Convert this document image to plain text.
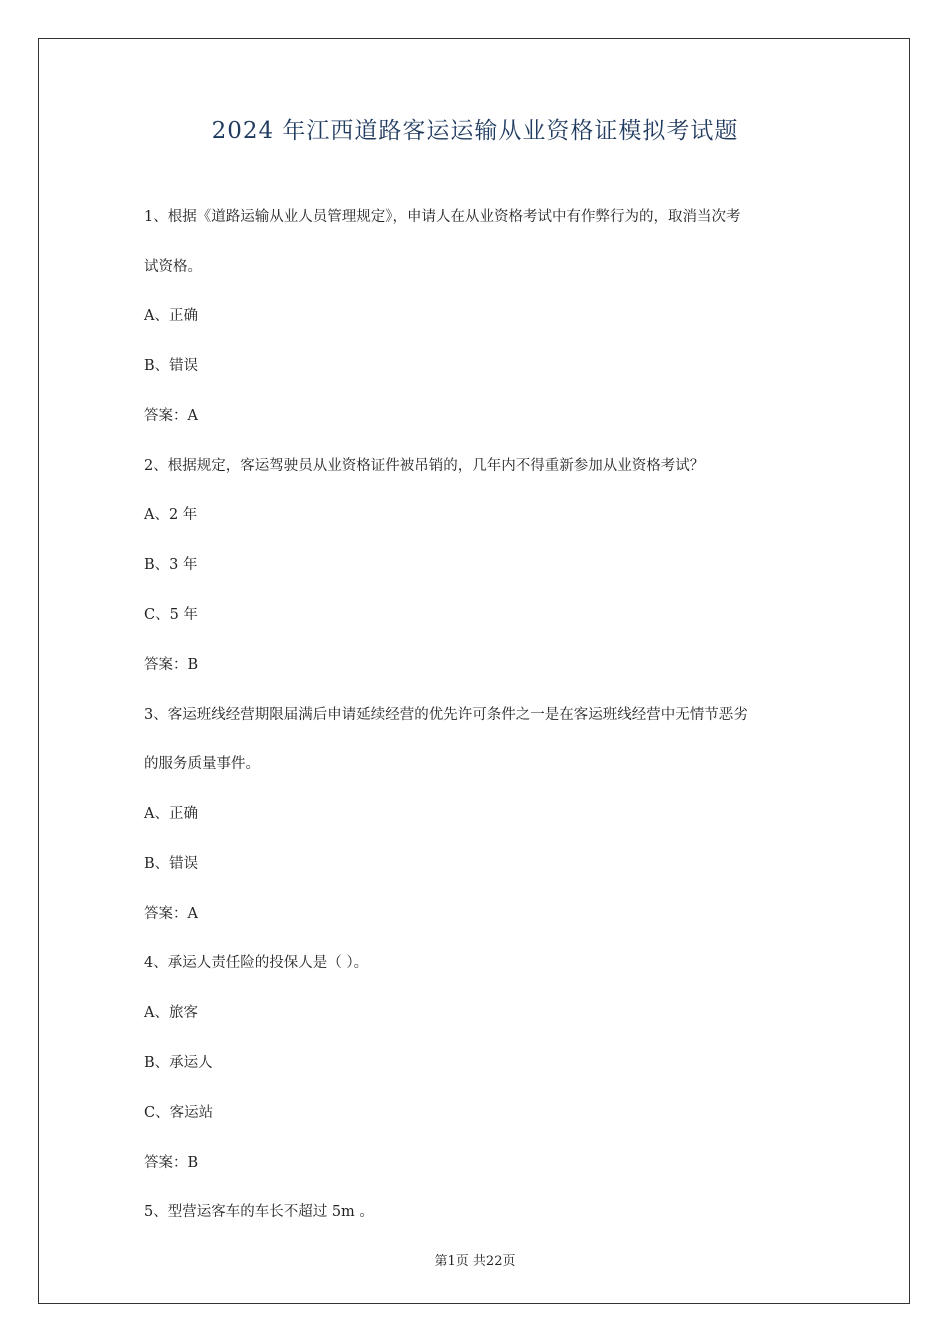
2024 年江西道路客运运输从业资格证模拟考试题
1、根据《道路运输从业人员管理规定》，申请人在从业资格考试中有作弊行为的，取消当次考
试资格。
A、正确
B、错误
答案：A
2、根据规定，客运驾驶员从业资格证件被吊销的，几年内不得重新参加从业资格考试？
A、2 年
B、3 年
C、5 年
答案：B
3、客运班线经营期限届满后申请延续经营的优先许可条件之一是在客运班线经营中无情节恶劣
的服务质量事件。
A、正确
B、错误
答案：A
4、承运人责任险的投保人是（ ）。
A、旅客
B、承运人
C、客运站
答案：B
5、型营运客车的车长不超过 5m 。
第1页 共22页
